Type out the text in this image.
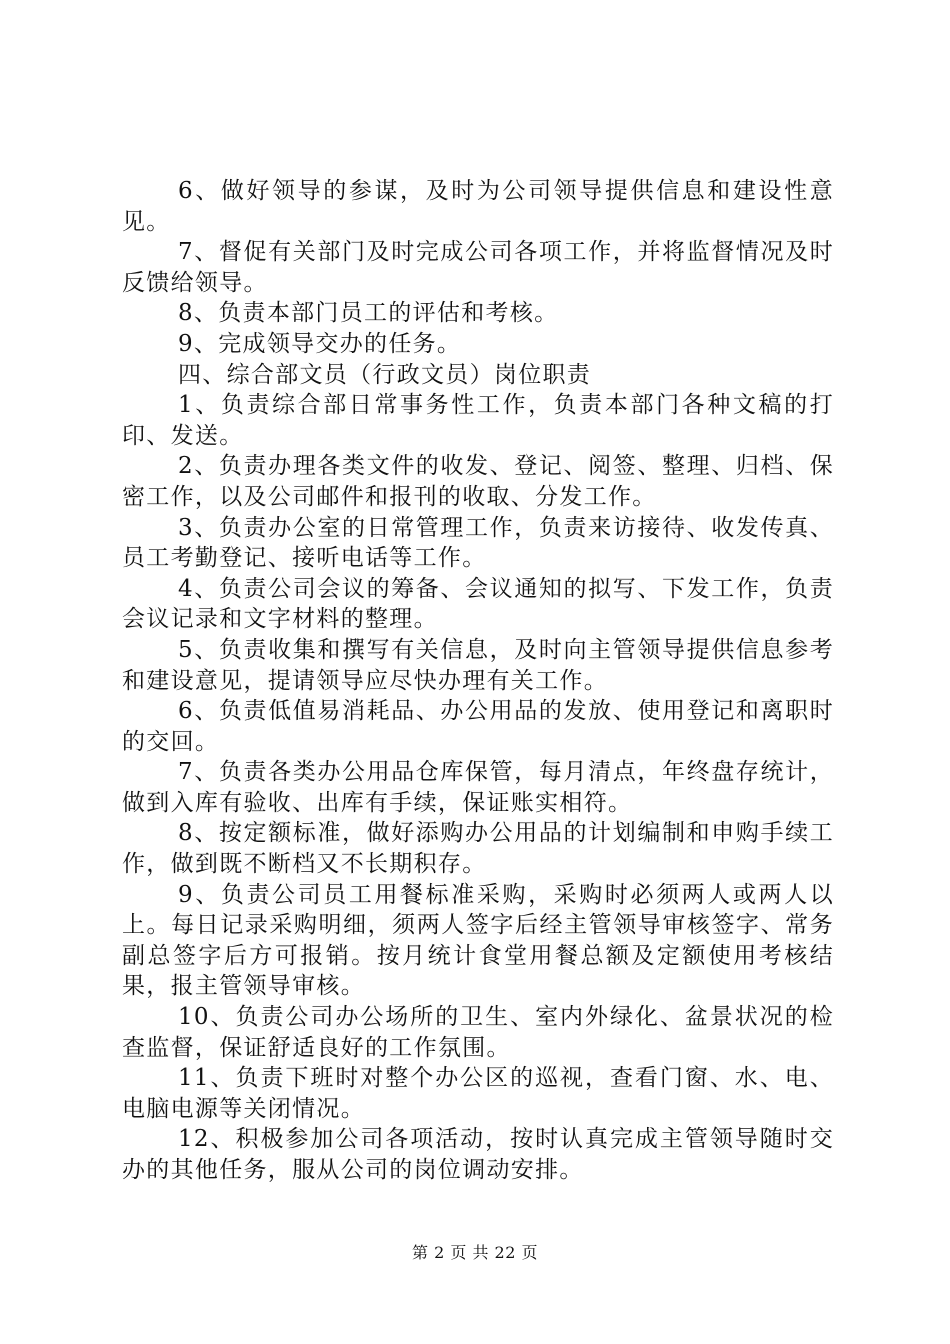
6、做好领导的参谋，及时为公司领导提供信息和建设性意见。

7、督促有关部门及时完成公司各项工作，并将监督情况及时反馈给领导。

8、负责本部门员工的评估和考核。

9、完成领导交办的任务。

四、综合部文员（行政文员）岗位职责

1、负责综合部日常事务性工作，负责本部门各种文稿的打印、发送。

2、负责办理各类文件的收发、登记、阅签、整理、归档、保密工作，以及公司邮件和报刊的收取、分发工作。

3、负责办公室的日常管理工作，负责来访接待、收发传真、员工考勤登记、接听电话等工作。

4、负责公司会议的筹备、会议通知的拟写、下发工作，负责会议记录和文字材料的整理。

5、负责收集和撰写有关信息，及时向主管领导提供信息参考和建设意见，提请领导应尽快办理有关工作。

6、负责低值易消耗品、办公用品的发放、使用登记和离职时的交回。

7、负责各类办公用品仓库保管，每月清点，年终盘存统计，做到入库有验收、出库有手续，保证账实相符。

8、按定额标准，做好添购办公用品的计划编制和申购手续工作，做到既不断档又不长期积存。

9、负责公司员工用餐标准采购，采购时必须两人或两人以上。每日记录采购明细，须两人签字后经主管领导审核签字、常务副总签字后方可报销。按月统计食堂用餐总额及定额使用考核结果，报主管领导审核。

10、负责公司办公场所的卫生、室内外绿化、盆景状况的检查监督，保证舒适良好的工作氛围。

11、负责下班时对整个办公区的巡视，查看门窗、水、电、电脑电源等关闭情况。

12、积极参加公司各项活动，按时认真完成主管领导随时交办的其他任务，服从公司的岗位调动安排。

第 2 页 共 22 页
